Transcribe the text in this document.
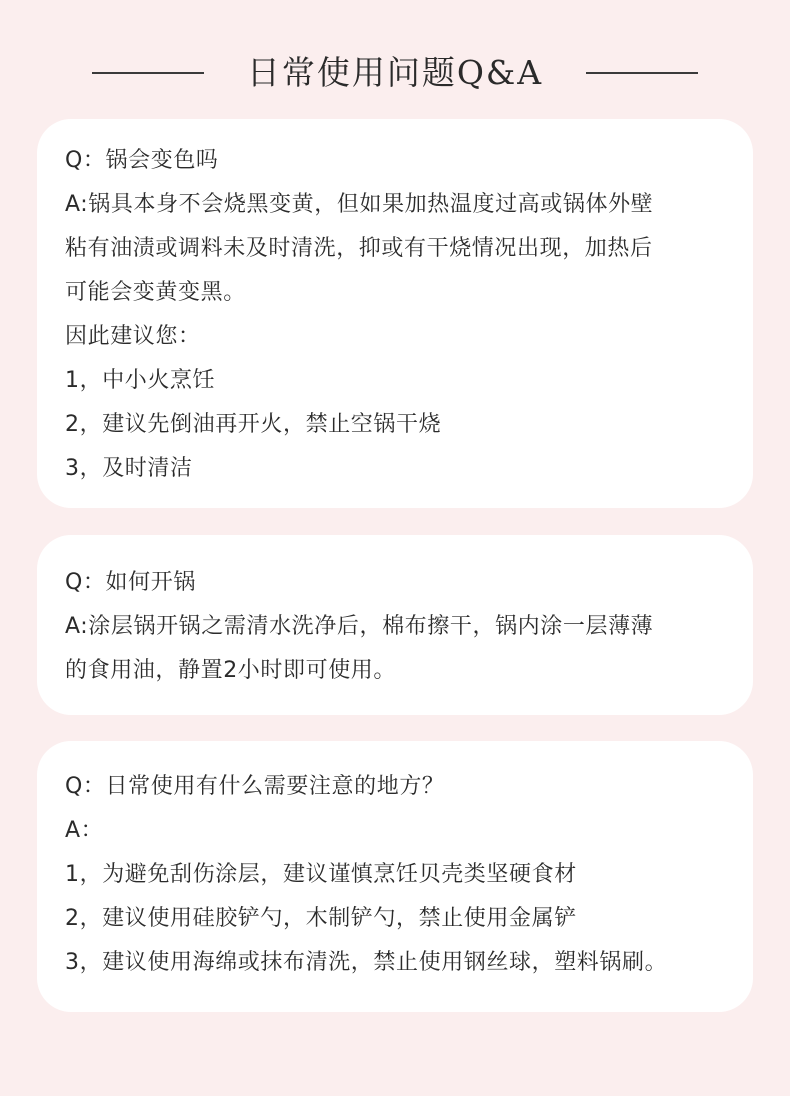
日常使用问题Q&A
Q：锅会变色吗
A:锅具本身不会烧黑变黄，但如果加热温度过高或锅体外壁
粘有油渍或调料未及时清洗，抑或有干烧情况出现，加热后
可能会变黄变黑。
因此建议您：
1，中小火烹饪
2，建议先倒油再开火，禁止空锅干烧
3，及时清洁
Q：如何开锅
A:涂层锅开锅之需清水洗净后，棉布擦干，锅内涂一层薄薄
的食用油，静置2小时即可使用。
Q：日常使用有什么需要注意的地方？
A：
1，为避免刮伤涂层，建议谨慎烹饪贝壳类坚硬食材
2，建议使用硅胶铲勺，木制铲勺，禁止使用金属铲
3，建议使用海绵或抹布清洗，禁止使用钢丝球，塑料锅刷。
